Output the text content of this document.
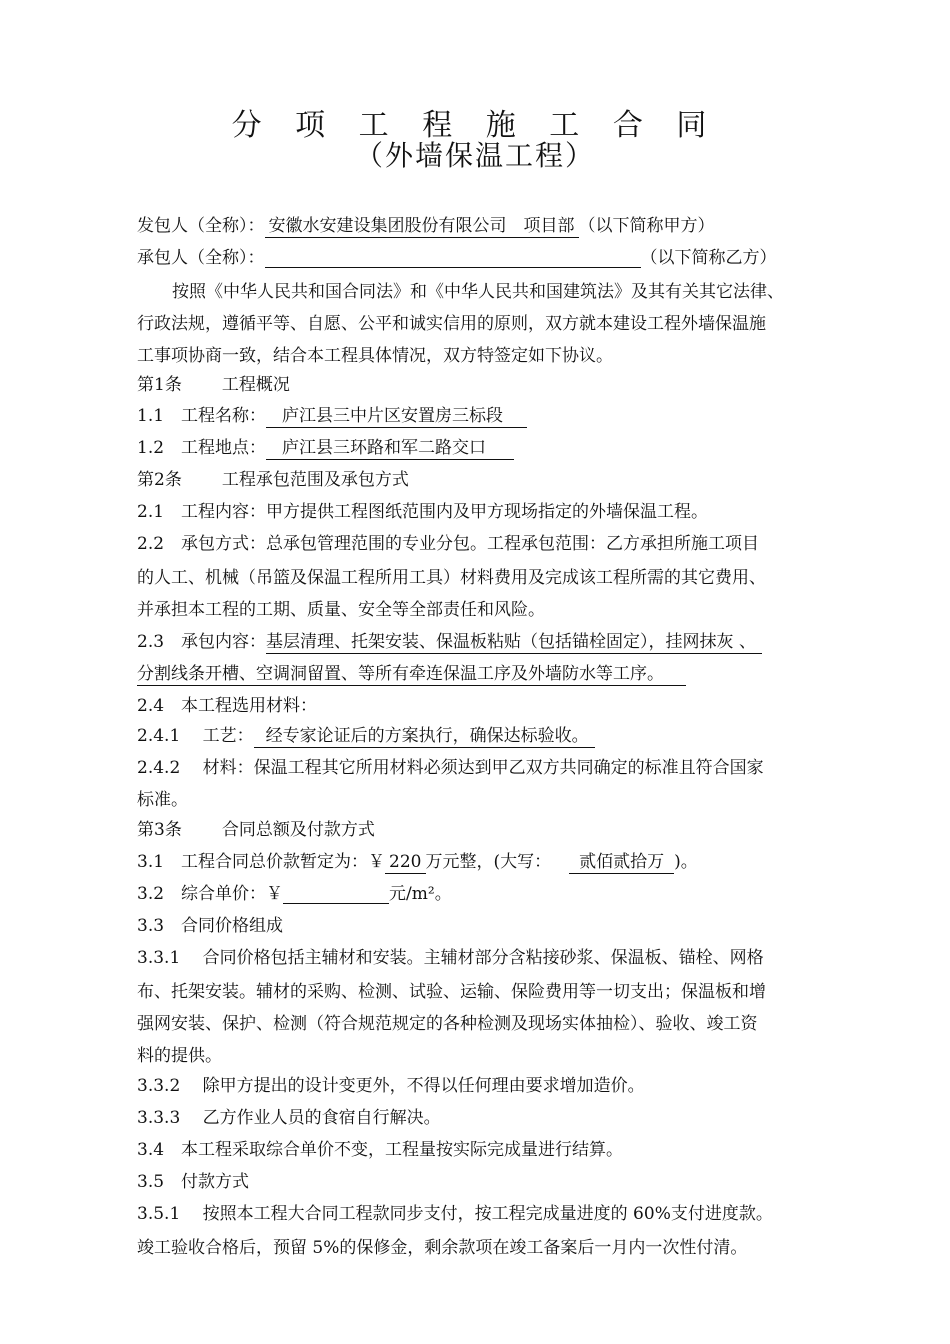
分 项 工 程 施 工 合 同
（外墙保温工程）
发包人（全称）： 安徽水安建设集团股份有限公司　项目部 （以下简称甲方）
承包人（全称）：	（以下简称乙方）
按照《中华人民共和国合同法》和《中华人民共和国建筑法》及其有关其它法律、
行政法规，遵循平等、自愿、公平和诚实信用的原则，双方就本建设工程外墙保温施
工事项协商一致，结合本工程具体情况，双方特签定如下协议。
第1条 工程概况
1.1　工程名称： 庐江县三中片区安置房三标段
1.2　工程地点： 庐江县三环路和军二路交口
第2条 工程承包范围及承包方式
2.1　工程内容：甲方提供工程图纸范围内及甲方现场指定的外墙保温工程。
2.2　承包方式：总承包管理范围的专业分包。工程承包范围：乙方承担所施工项目
的人工、机械（吊篮及保温工程所用工具）材料费用及完成该工程所需的其它费用、
并承担本工程的工期、质量、安全等全部责任和风险。
2.3　承包内容：基层清理、托架安装、保温板粘贴（包括锚栓固定），挂网抹灰 、
分割线条开槽、空调洞留置、等所有牵连保温工序及外墙防水等工序。
2.4　本工程选用材料：
2.4.1　 工艺： 经专家论证后的方案执行，确保达标验收。
2.4.2　 材料：保温工程其它所用材料必须达到甲乙双方共同确定的标准且符合国家
标准。
第3条 合同总额及付款方式
3.1　工程合同总价款暂定为：￥ 220 万元整，(大写： 贰佰贰拾万 )。
3.2　综合单价：￥	元/m²。
3.3　合同价格组成
3.3.1　 合同价格包括主辅材和安装。主辅材部分含粘接砂浆、保温板、锚栓、网格
布、托架安装。辅材的采购、检测、试验、运输、保险费用等一切支出；保温板和增
强网安装、保护、检测（符合规范规定的各种检测及现场实体抽检）、验收、竣工资
料的提供。
3.3.2　 除甲方提出的设计变更外，不得以任何理由要求增加造价。
3.3.3　 乙方作业人员的食宿自行解决。
3.4　本工程采取综合单价不变，工程量按实际完成量进行结算。
3.5　付款方式
3.5.1　 按照本工程大合同工程款同步支付，按工程完成量进度的 60%支付进度款。
竣工验收合格后，预留 5%的保修金，剩余款项在竣工备案后一月内一次性付清。
